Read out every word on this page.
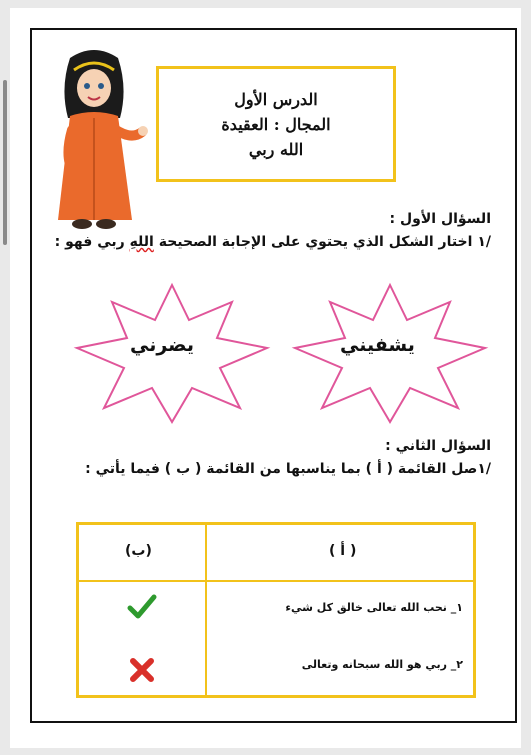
الدرس الأول
المجال : العقيدة
الله ربي
السؤال الأول :
/١ اختار الشكل الذي يحتوي على الإجابة الصحيحة اللهِ ربي فهو :
يشفيني
يضرني
السؤال الثاني :
/١صل القائمة ( أ ) بما يناسبها من القائمة ( ب ) فيما يأتي :
(ب)	( أ )
١_ نحب الله تعالى خالق كل شيء
٢_ ربي هو الله سبحانه وتعالى
